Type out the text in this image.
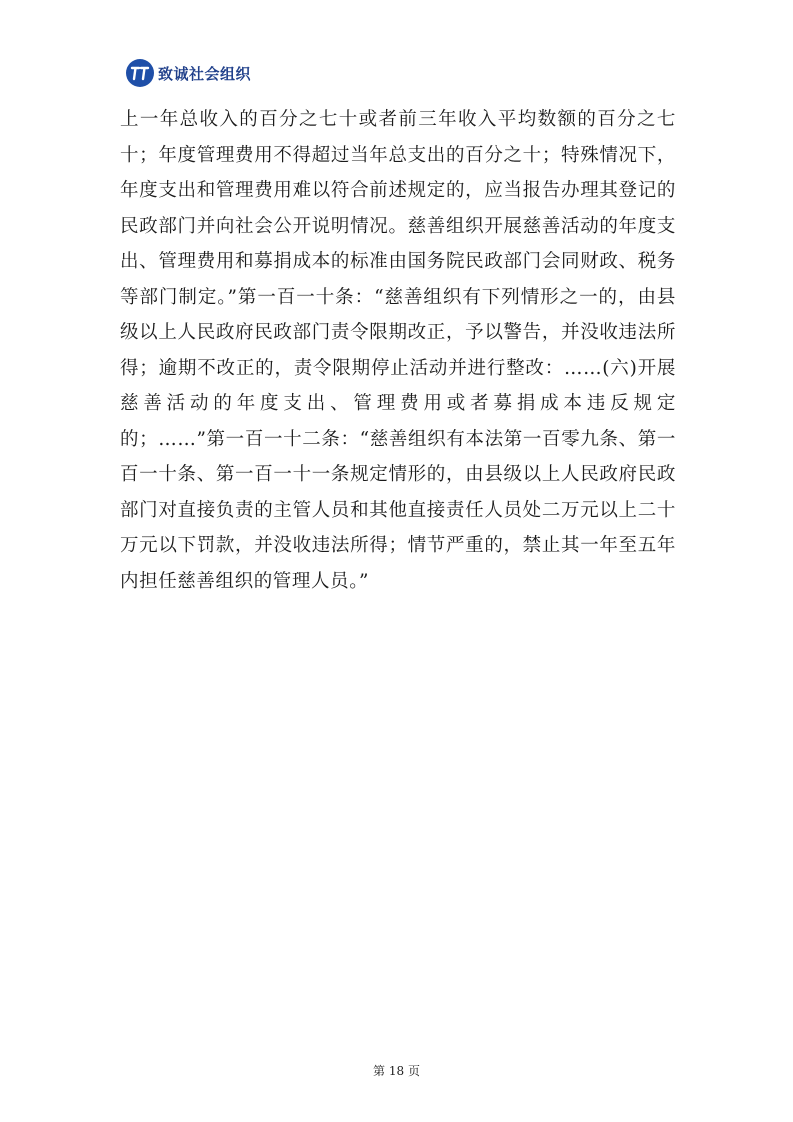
致诚社会组织

上一年总收入的百分之七十或者前三年收入平均数额的百分之七十；年度管理费用不得超过当年总支出的百分之十；特殊情况下，年度支出和管理费用难以符合前述规定的，应当报告办理其登记的民政部门并向社会公开说明情况。慈善组织开展慈善活动的年度支出、管理费用和募捐成本的标准由国务院民政部门会同财政、税务等部门制定。”第一百一十条：“慈善组织有下列情形之一的，由县级以上人民政府民政部门责令限期改正，予以警告，并没收违法所得；逾期不改正的，责令限期停止活动并进行整改：……(六)开展慈善活动的年度支出、管理费用或者募捐成本违反规定的；……”第一百一十二条：“慈善组织有本法第一百零九条、第一百一十条、第一百一十一条规定情形的，由县级以上人民政府民政部门对直接负责的主管人员和其他直接责任人员处二万元以上二十万元以下罚款，并没收违法所得；情节严重的，禁止其一年至五年内担任慈善组织的管理人员。”

第 18 页
